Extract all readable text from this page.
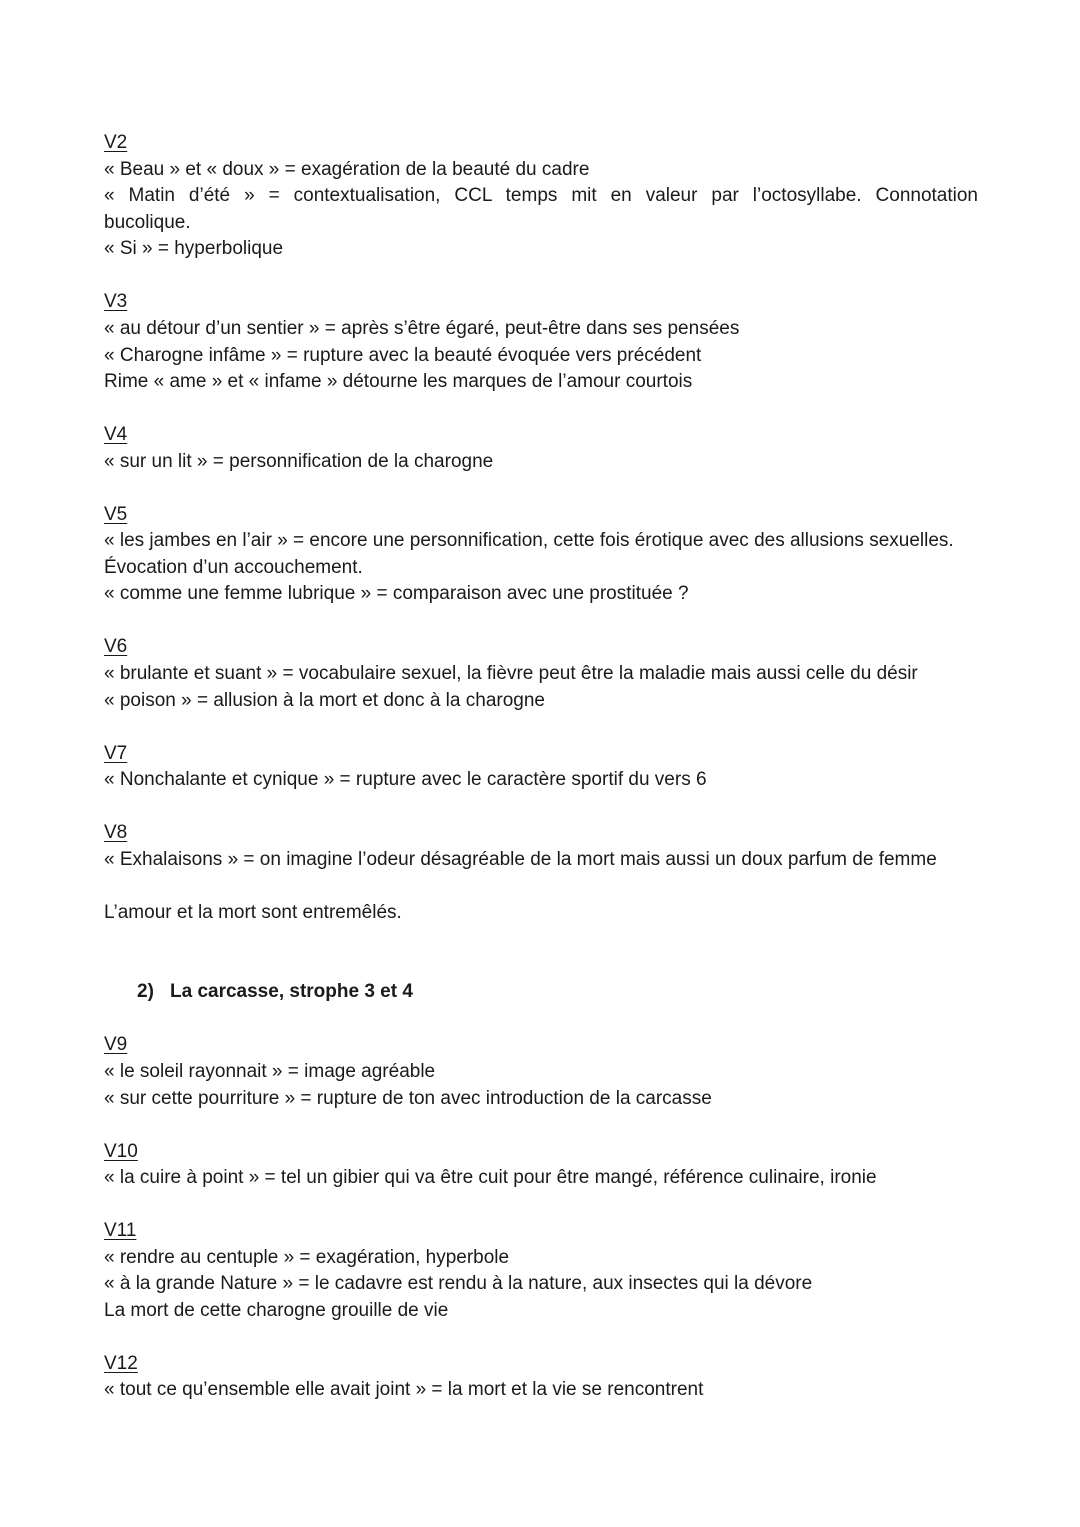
V2
« Beau » et « doux » = exagération de la beauté du cadre
« Matin d’été » = contextualisation, CCL temps mit en valeur par l’octosyllabe. Connotation
bucolique.
« Si » = hyperbolique
V3
« au détour d’un sentier » = après s’être égaré, peut-être dans ses pensées
« Charogne infâme » = rupture avec la beauté évoquée vers précédent
Rime « ame » et « infame » détourne les marques de l’amour courtois
V4
« sur un lit » = personnification de la charogne
V5
« les jambes en l’air » = encore une personnification, cette fois érotique avec des allusions sexuelles.
Évocation d’un accouchement.
« comme une femme lubrique » = comparaison avec une prostituée ?
V6
« brulante et suant » = vocabulaire sexuel, la fièvre peut être la maladie mais aussi celle du désir
« poison » = allusion à la mort et donc à la charogne
V7
« Nonchalante et cynique » = rupture avec le caractère sportif du vers 6
V8
« Exhalaisons » = on imagine l’odeur désagréable de la mort mais aussi un doux parfum de femme
L’amour et la mort sont entremêlés.
2) La carcasse, strophe 3 et 4
V9
« le soleil rayonnait » = image agréable
« sur cette pourriture » = rupture de ton avec introduction de la carcasse
V10
« la cuire à point » = tel un gibier qui va être cuit pour être mangé, référence culinaire, ironie
V11
« rendre au centuple » = exagération, hyperbole
« à la grande Nature » = le cadavre est rendu à la nature, aux insectes qui la dévore
La mort de cette charogne grouille de vie
V12
« tout ce qu’ensemble elle avait joint » = la mort et la vie se rencontrent
